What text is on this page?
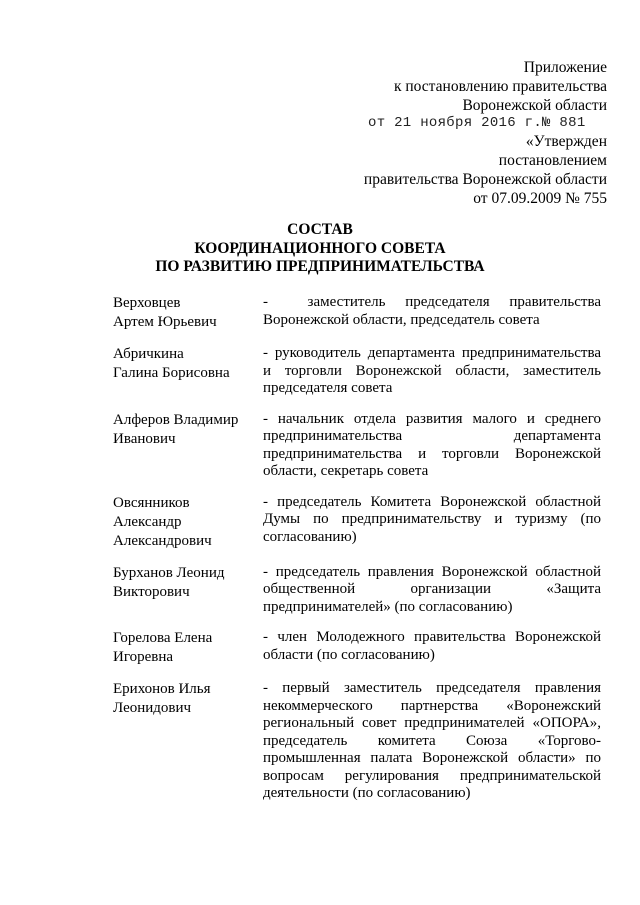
Приложение
к постановлению правительства
Воронежской области
от 21 ноября 2016 г.№ 881
«Утвержден
постановлением
правительства Воронежской области
от 07.09.2009 № 755
СОСТАВ
КООРДИНАЦИОННОГО СОВЕТА
ПО РАЗВИТИЮ ПРЕДПРИНИМАТЕЛЬСТВА
Верховцев
Артем Юрьевич
-  заместитель председателя правительства Воронежской области, председатель совета
Абричкина
Галина Борисовна
- руководитель департамента предпринимательства и торговли Воронежской области, заместитель председателя совета
Алферов Владимир
Иванович
- начальник отдела развития малого и среднего предпринимательства департамента предпринимательства и торговли Воронежской области, секретарь совета
Овсянников
Александр
Александрович
- председатель Комитета Воронежской областной Думы по предпринимательству и туризму (по согласованию)
Бурханов Леонид
Викторович
- председатель правления Воронежской областной общественной организации «Защита предпринимателей» (по согласованию)
Горелова Елена
Игоревна
- член Молодежного правительства Воронежской области (по согласованию)
Ерихонов Илья
Леонидович
- первый заместитель председателя правления некоммерческого партнерства «Воронежский региональный совет предпринимателей «ОПОРА», председатель комитета Союза «Торгово-промышленная палата Воронежской области» по вопросам регулирования предпринимательской деятельности (по согласованию)
